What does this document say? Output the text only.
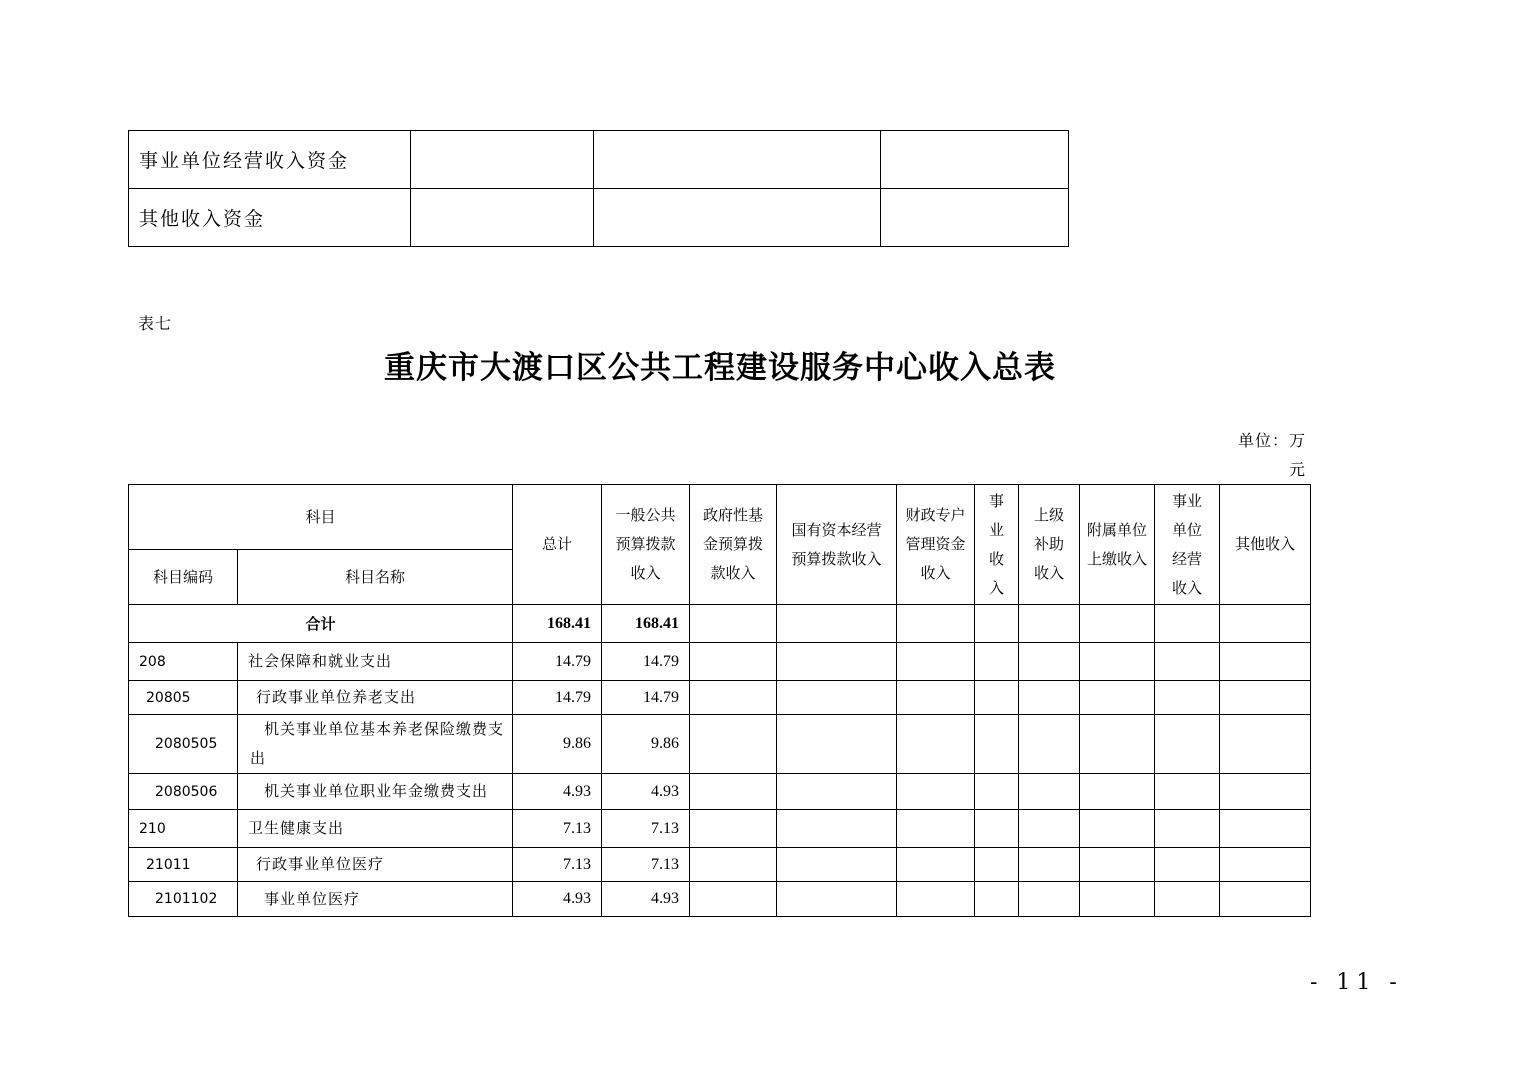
事业单位经营收入资金			
其他收入资金			
表七
重庆市大渡口区公共工程建设服务中心收入总表
单位：万元
科目		总计	一般公共预算拨款收入	政府性基金预算拨款收入	国有资本经营预算拨款收入	财政专户管理资金收入	事业收入	上级补助收入	附属单位上缴收入	事业单位经营收入	其他收入
科目编码	科目名称										
合计		168.41	168.41								
208	社会保障和就业支出	14.79	14.79								
20805	行政事业单位养老支出	14.79	14.79								
2080505	机关事业单位基本养老保险缴费支出	9.86	9.86								
2080506	机关事业单位职业年金缴费支出	4.93	4.93								
210	卫生健康支出	7.13	7.13								
21011	行政事业单位医疗	7.13	7.13								
2101102	事业单位医疗	4.93	4.93								
- 11 -
